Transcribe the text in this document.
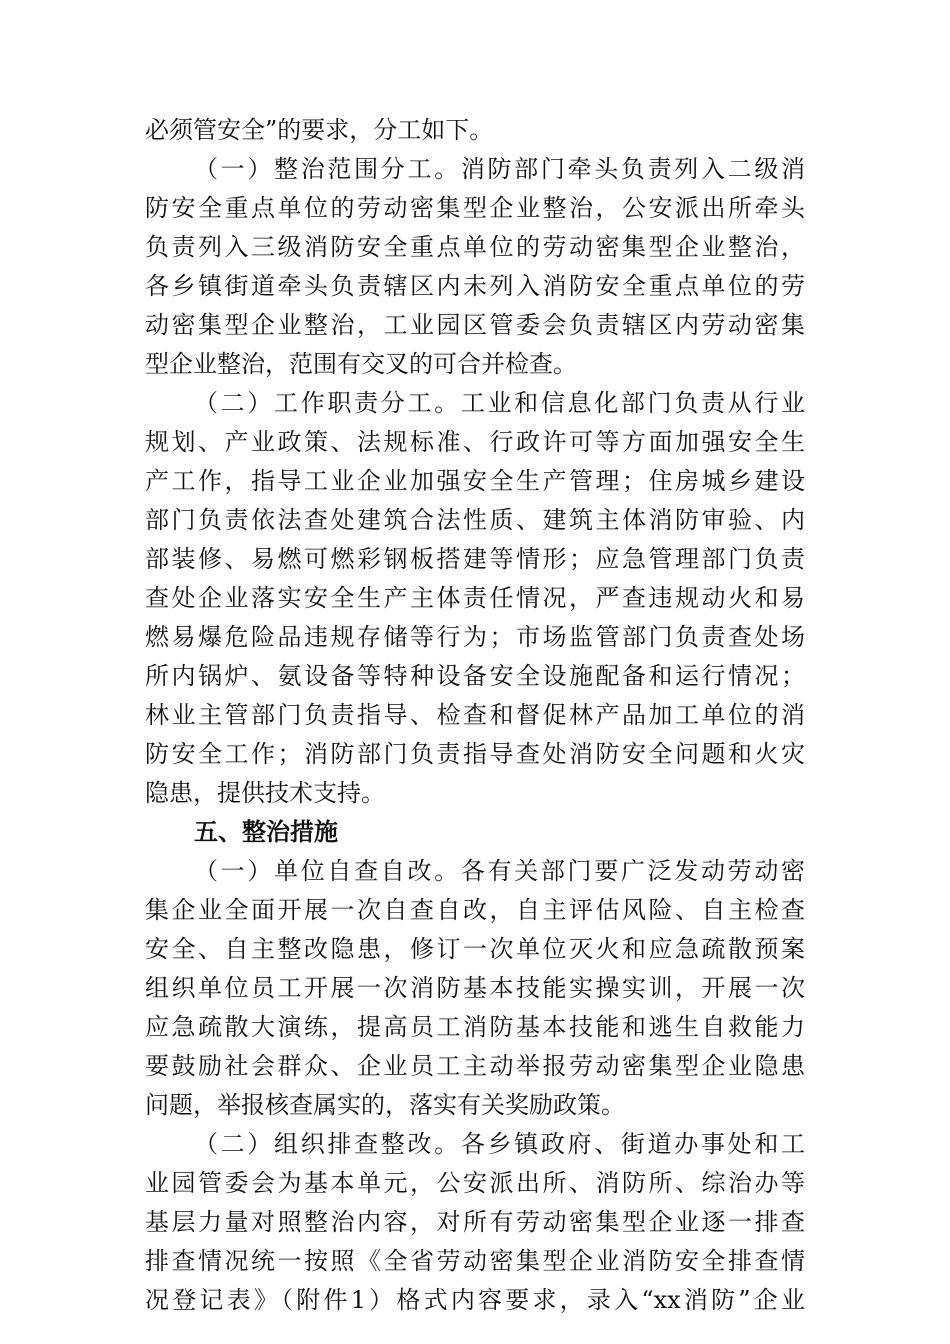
必须管安全”的要求，分工如下。
（一）整治范围分工。消防部门牵头负责列入二级消
防安全重点单位的劳动密集型企业整治，公安派出所牵头
负责列入三级消防安全重点单位的劳动密集型企业整治，
各乡镇街道牵头负责辖区内未列入消防安全重点单位的劳
动密集型企业整治，工业园区管委会负责辖区内劳动密集
型企业整治，范围有交叉的可合并检查。
（二）工作职责分工。工业和信息化部门负责从行业
规划、产业政策、法规标准、行政许可等方面加强安全生
产工作，指导工业企业加强安全生产管理；住房城乡建设
部门负责依法查处建筑合法性质、建筑主体消防审验、内
部装修、易燃可燃彩钢板搭建等情形；应急管理部门负责
查处企业落实安全生产主体责任情况，严查违规动火和易
燃易爆危险品违规存储等行为；市场监管部门负责查处场
所内锅炉、氨设备等特种设备安全设施配备和运行情况；
林业主管部门负责指导、检查和督促林产品加工单位的消
防安全工作；消防部门负责指导查处消防安全问题和火灾
隐患，提供技术支持。
五、整治措施
（一）单位自查自改。各有关部门要广泛发动劳动密
集企业全面开展一次自查自改，自主评估风险、自主检查
安全、自主整改隐患，修订一次单位灭火和应急疏散预案
组织单位员工开展一次消防基本技能实操实训，开展一次
应急疏散大演练，提高员工消防基本技能和逃生自救能力
要鼓励社会群众、企业员工主动举报劳动密集型企业隐患
问题，举报核查属实的，落实有关奖励政策。
（二）组织排查整改。各乡镇政府、街道办事处和工
业园管委会为基本单元，公安派出所、消防所、综治办等
基层力量对照整治内容，对所有劳动密集型企业逐一排查
排查情况统一按照《全省劳动密集型企业消防安全排查情
况登记表》（附件1）格式内容要求，录入“xx消防”企业
